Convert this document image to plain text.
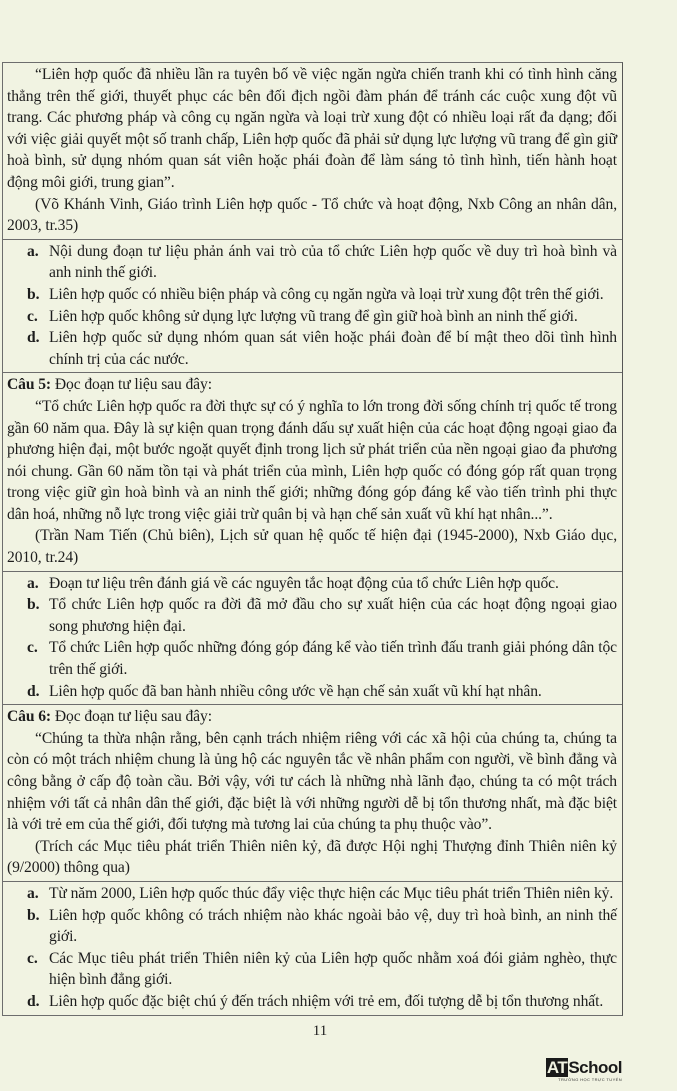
“Liên hợp quốc đã nhiều lần ra tuyên bố về việc ngăn ngừa chiến tranh khi có tình hình căng thẳng trên thế giới, thuyết phục các bên đối địch ngồi đàm phán để tránh các cuộc xung đột vũ trang. Các phương pháp và công cụ ngăn ngừa và loại trừ xung đột có nhiều loại rất đa dạng; đối với việc giải quyết một số tranh chấp, Liên hợp quốc đã phải sử dụng lực lượng vũ trang để gìn giữ hoà bình, sử dụng nhóm quan sát viên hoặc phái đoàn để làm sáng tỏ tình hình, tiến hành hoạt động môi giới, trung gian”.

(Võ Khánh Vinh, Giáo trình Liên hợp quốc - Tổ chức và hoạt động, Nxb Công an nhân dân, 2003, tr.35)

a. Nội dung đoạn tư liệu phản ánh vai trò của tổ chức Liên hợp quốc về duy trì hoà bình và anh ninh thế giới.
b. Liên hợp quốc có nhiều biện pháp và công cụ ngăn ngừa và loại trừ xung đột trên thế giới.
c. Liên hợp quốc không sử dụng lực lượng vũ trang để gìn giữ hoà bình an ninh thế giới.
d. Liên hợp quốc sử dụng nhóm quan sát viên hoặc phái đoàn để bí mật theo dõi tình hình chính trị của các nước.

Câu 5: Đọc đoạn tư liệu sau đây:

“Tổ chức Liên hợp quốc ra đời thực sự có ý nghĩa to lớn trong đời sống chính trị quốc tế trong gần 60 năm qua. Đây là sự kiện quan trọng đánh dấu sự xuất hiện của các hoạt động ngoại giao đa phương hiện đại, một bước ngoặt quyết định trong lịch sử phát triển của nền ngoại giao đa phương nói chung. Gần 60 năm tồn tại và phát triển của mình, Liên hợp quốc có đóng góp rất quan trọng trong việc giữ gìn hoà bình và an ninh thế giới; những đóng góp đáng kể vào tiến trình phi thực dân hoá, những nỗ lực trong việc giải trừ quân bị và hạn chế sản xuất vũ khí hạt nhân...”.

(Trần Nam Tiến (Chủ biên), Lịch sử quan hệ quốc tế hiện đại (1945-2000), Nxb Giáo dục, 2010, tr.24)

a. Đoạn tư liệu trên đánh giá về các nguyên tắc hoạt động của tổ chức Liên hợp quốc.
b. Tổ chức Liên hợp quốc ra đời đã mở đầu cho sự xuất hiện của các hoạt động ngoại giao song phương hiện đại.
c. Tổ chức Liên hợp quốc những đóng góp đáng kể vào tiến trình đấu tranh giải phóng dân tộc trên thế giới.
d. Liên hợp quốc đã ban hành nhiều công ước về hạn chế sản xuất vũ khí hạt nhân.

Câu 6: Đọc đoạn tư liệu sau đây:

“Chúng ta thừa nhận rằng, bên cạnh trách nhiệm riêng với các xã hội của chúng ta, chúng ta còn có một trách nhiệm chung là ủng hộ các nguyên tắc về nhân phẩm con người, về bình đẳng và công bằng ở cấp độ toàn cầu. Bởi vậy, với tư cách là những nhà lãnh đạo, chúng ta có một trách nhiệm với tất cả nhân dân thế giới, đặc biệt là với những người dễ bị tổn thương nhất, mà đặc biệt là với trẻ em của thế giới, đối tượng mà tương lai của chúng ta phụ thuộc vào”.

(Trích các Mục tiêu phát triển Thiên niên kỷ, đã được Hội nghị Thượng đỉnh Thiên niên kỷ (9/2000) thông qua)

a. Từ năm 2000, Liên hợp quốc thúc đẩy việc thực hiện các Mục tiêu phát triển Thiên niên kỷ.
b. Liên hợp quốc không có trách nhiệm nào khác ngoài bảo vệ, duy trì hoà bình, an ninh thế giới.
c. Các Mục tiêu phát triển Thiên niên kỷ của Liên hợp quốc nhằm xoá đói giảm nghèo, thực hiện bình đẳng giới.
d. Liên hợp quốc đặc biệt chú ý đến trách nhiệm với trẻ em, đối tượng dễ bị tổn thương nhất.
11
ATSchool
TRƯỜNG HỌC TRỰC TUYẾN
